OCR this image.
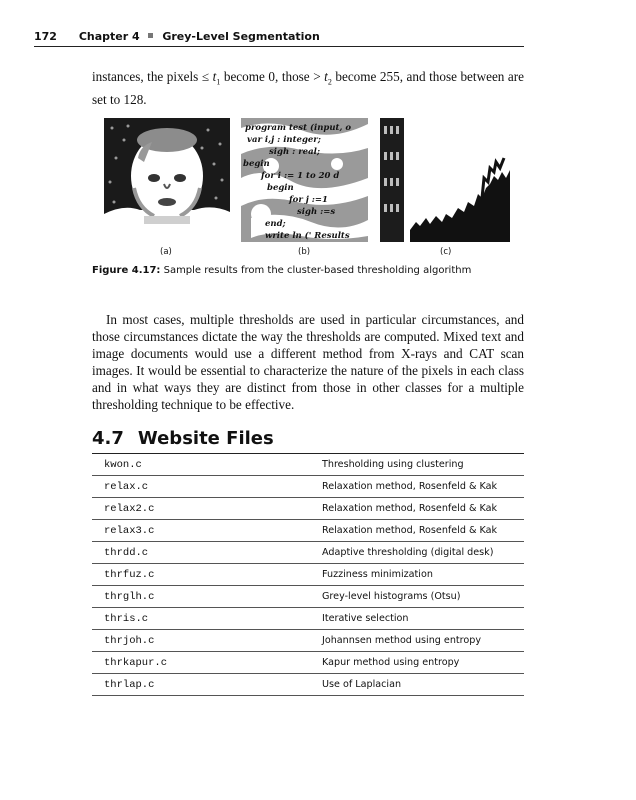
172 Chapter 4 Grey-Level Segmentation
instances, the pixels ≤ $t_1$ become 0, those > $t_2$ become 255, and those between are set to 128.
program test (input, o
var i,j : integer;
sigh : real;
begin
for i := 1 to 20 d
begin
for j :=1
sigh :=s
end;
write ln (' Results
(a)	(b)	(c)
Figure 4.17: Sample results from the cluster-based thresholding algorithm
In most cases, multiple thresholds are used in particular circumstances, and those circumstances dictate the way the thresholds are computed. Mixed text and image documents would use a different method from X-rays and CAT scan images. It would be essential to characterize the nature of the pixels in each class and in what ways they are distinct from those in other classes for a multiple thresholding technique to be effective.
4.7 Website Files
kwon.c	Thresholding using clustering
relax.c	Relaxation method, Rosenfeld & Kak
relax2.c	Relaxation method, Rosenfeld & Kak
relax3.c	Relaxation method, Rosenfeld & Kak
thrdd.c	Adaptive thresholding (digital desk)
thrfuz.c	Fuzziness minimization
thrglh.c	Grey-level histograms (Otsu)
thris.c	Iterative selection
thrjoh.c	Johannsen method using entropy
thrkapur.c	Kapur method using entropy
thrlap.c	Use of Laplacian
